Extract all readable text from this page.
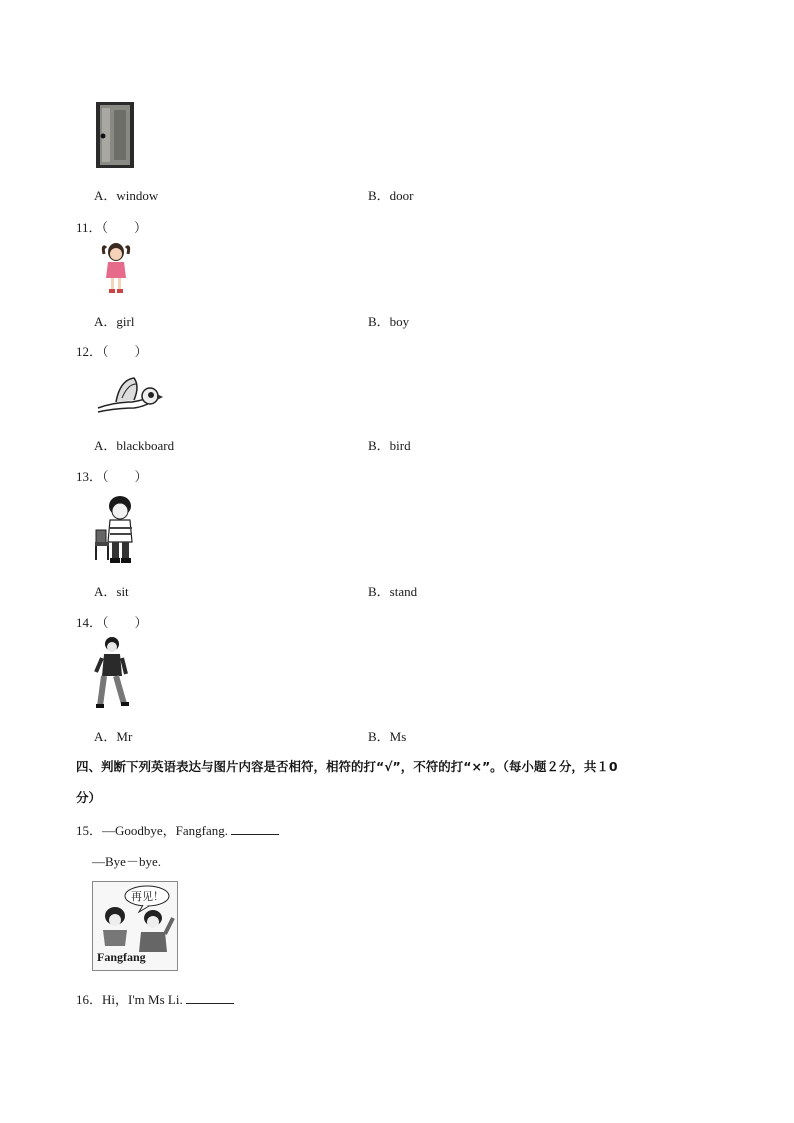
A．window	B．door
11．（　　）
A．girl	B．boy
12．（　　）
A．blackboard	B．bird
13．（　　）
A．sit	B．stand
14．（　　）
A．Mr	B．Ms
四、判断下列英语表达与图片内容是否相符，相符的打“√”，不符的打“×”。（每小题２分，共１0
分）
15．—Goodbye，Fangfang.
—Bye－bye.
再见！
Fangfang
16．Hi，I'm Ms Li.
